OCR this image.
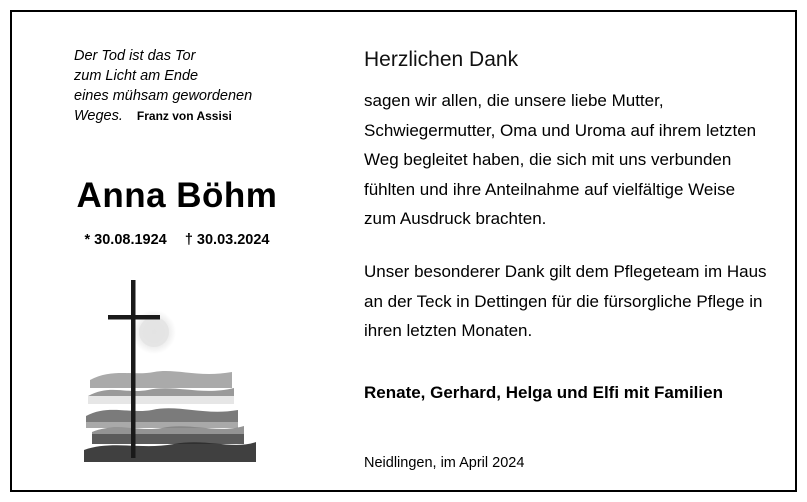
Der Tod ist das Tor
zum Licht am Ende
eines mühsam gewordenen
Weges.	Franz von Assisi
Anna Böhm
* 30.08.1924 † 30.03.2024
Herzlichen Dank
sagen wir allen, die unsere liebe Mutter, Schwiegermutter, Oma und Uroma auf ihrem letzten Weg begleitet haben, die sich mit uns verbunden fühlten und ihre Anteilnahme auf vielfältige Weise zum Ausdruck brachten.
Unser besonderer Dank gilt dem Pflegeteam im Haus an der Teck in Dettingen für die fürsorgliche Pflege in ihren letzten Monaten.
Renate, Gerhard, Helga und Elfi mit Familien
Neidlingen, im April 2024
